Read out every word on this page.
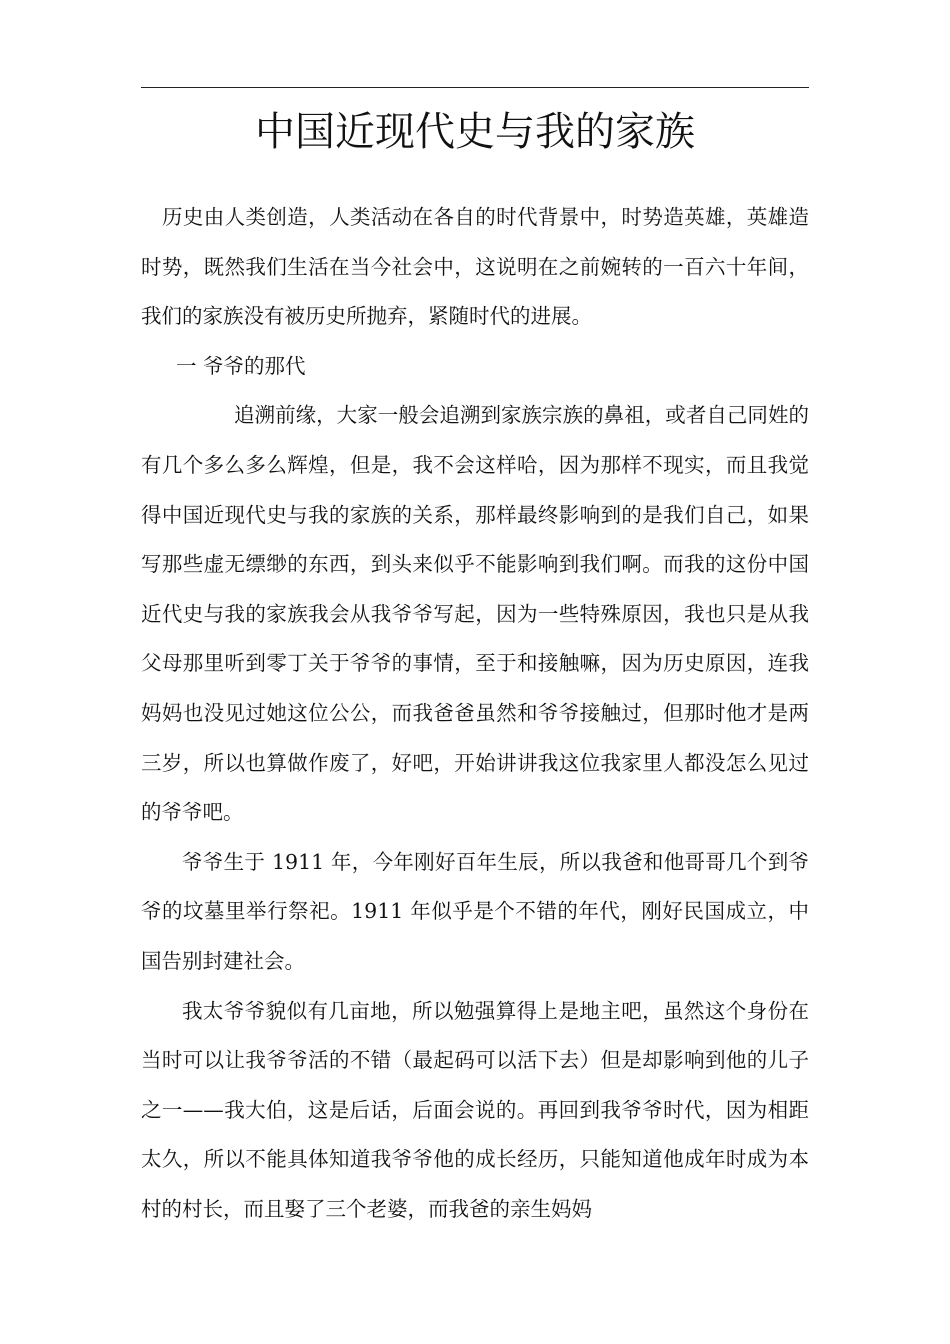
中国近现代史与我的家族

历史由人类创造，人类活动在各自的时代背景中，时势造英雄，英雄造时势，既然我们生活在当今社会中，这说明在之前婉转的一百六十年间，我们的家族没有被历史所抛弃，紧随时代的进展。

一 爷爷的那代

追溯前缘，大家一般会追溯到家族宗族的鼻祖，或者自己同姓的有几个多么多么辉煌，但是，我不会这样哈，因为那样不现实，而且我觉得中国近现代史与我的家族的关系，那样最终影响到的是我们自己，如果写那些虚无缥缈的东西，到头来似乎不能影响到我们啊。而我的这份中国近代史与我的家族我会从我爷爷写起，因为一些特殊原因，我也只是从我父母那里听到零丁关于爷爷的事情，至于和接触嘛，因为历史原因，连我妈妈也没见过她这位公公，而我爸爸虽然和爷爷接触过，但那时他才是两三岁，所以也算做作废了，好吧，开始讲讲我这位我家里人都没怎么见过的爷爷吧。

爷爷生于 1911 年，今年刚好百年生辰，所以我爸和他哥哥几个到爷爷的坟墓里举行祭祀。1911 年似乎是个不错的年代，刚好民国成立，中国告别封建社会。

我太爷爷貌似有几亩地，所以勉强算得上是地主吧，虽然这个身份在当时可以让我爷爷活的不错（最起码可以活下去）但是却影响到他的儿子之一——我大伯，这是后话，后面会说的。再回到我爷爷时代，因为相距太久，所以不能具体知道我爷爷他的成长经历，只能知道他成年时成为本村的村长，而且娶了三个老婆，而我爸的亲生妈妈
